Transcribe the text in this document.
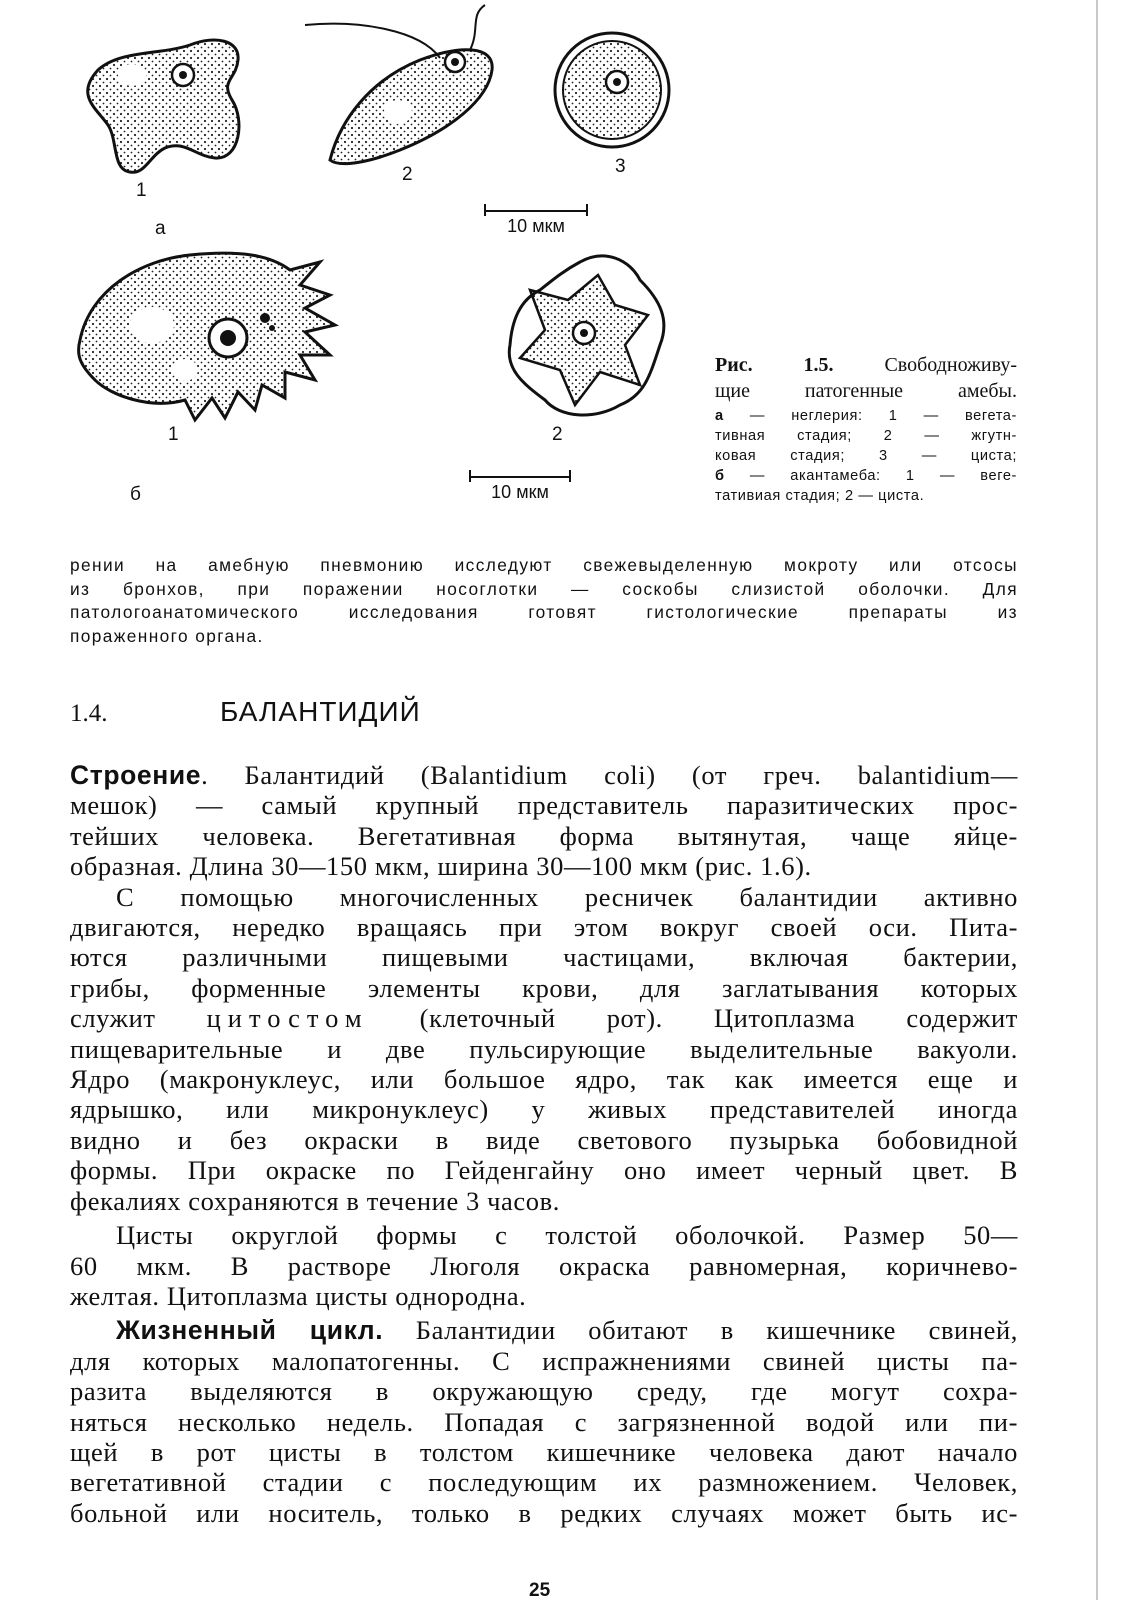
1
2	3
а
1	2
б
10 мкм
10 мкм
Рис.	1.5.	Свободноживу-
щие патогенные амебы.
а — неглерия: 1 — вегета-
тивная стадия; 2 — жгутн-
ковая стадия; 3 — циста;
б — акантамеба: 1 — веге-
тативиая стадия; 2 — циста.
рении на амебную пневмонию исследуют свежевыделенную мокроту или отсосы
из бронхов, при поражении носоглотки — соскобы слизистой оболочки. Для
патологоанатомического исследования готовят гистологические препараты из
пораженного органа.
1.4.	БАЛАНТИДИЙ
Строение. Балантидий (Balantidium coli) (от греч. balantidium—
мешок) — самый крупный представитель паразитических прос-
тейших человека. Вегетативная форма вытянутая, чаще яйце-
образная. Длина 30—150 мкм, ширина 30—100 мкм (рис. 1.6).
С помощью многочисленных ресничек балантидии активно
двигаются, нередко вращаясь при этом вокруг своей оси. Пита-
ются различными пищевыми частицами, включая бактерии,
грибы, форменные элементы крови, для заглатывания которых
служит цитостом (клеточный рот). Цитоплазма содержит
пищеварительные и две пульсирующие выделительные вакуоли.
Ядро (макронуклеус, или большое ядро, так как имеется еще и
ядрышко, или микронуклеус) у живых представителей иногда
видно и без окраски в виде светового пузырька бобовидной
формы. При окраске по Гейденгайну оно имеет черный цвет. В
фекалиях сохраняются в течение 3 часов.
Цисты округлой формы с толстой оболочкой. Размер 50—
60 мкм. В растворе Люголя окраска равномерная, коричнево-
желтая. Цитоплазма цисты однородна.
Жизненный цикл. Балантидии обитают в кишечнике свиней,
для которых малопатогенны. С испражнениями свиней цисты па-
разита выделяются в окружающую среду, где могут сохра-
няться несколько недель. Попадая с загрязненной водой или пи-
щей в рот цисты в толстом кишечнике человека дают начало
вегетативной стадии с последующим их размножением. Человек,
больной или носитель, только в редких случаях может быть ис-
25
